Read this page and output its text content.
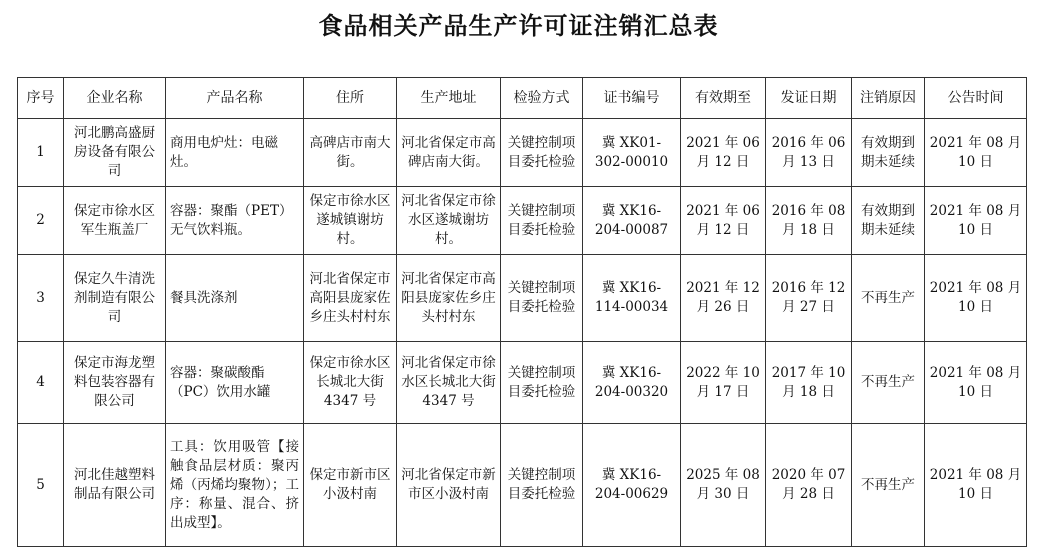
食品相关产品生产许可证注销汇总表
序号	企业名称	产品名称	住所	生产地址	检验方式	证书编号	有效期至	发证日期	注销原因	公告时间
1	河北鹏高盛厨房设备有限公司	商用电炉灶：电磁灶。	高碑店市南大街。	河北省保定市高碑店南大街。	关键控制项目委托检验	冀 XK01-302-00010	2021 年 06 月 12 日	2016 年 06 月 13 日	有效期到期未延续	2021 年 08 月 10 日
2	保定市徐水区军生瓶盖厂	容器：聚酯（PET）无气饮料瓶。	保定市徐水区遂城镇谢坊村。	河北省保定市徐水区遂城谢坊村。	关键控制项目委托检验	冀 XK16-204-00087	2021 年 06 月 12 日	2016 年 08 月 18 日	有效期到期未延续	2021 年 08 月 10 日
3	保定久牛清洗剂制造有限公司	餐具洗涤剂	河北省保定市高阳县庞家佐乡庄头村村东	河北省保定市高阳县庞家佐乡庄头村村东	关键控制项目委托检验	冀 XK16-114-00034	2021 年 12 月 26 日	2016 年 12 月 27 日	不再生产	2021 年 08 月 10 日
4	保定市海龙塑料包装容器有限公司	容器：聚碳酸酯（PC）饮用水罐	保定市徐水区长城北大街 4347 号	河北省保定市徐水区长城北大街 4347 号	关键控制项目委托检验	冀 XK16-204-00320	2022 年 10 月 17 日	2017 年 10 月 18 日	不再生产	2021 年 08 月 10 日
5	河北佳越塑料制品有限公司	工具：饮用吸管【接触食品层材质：聚丙烯（丙烯均聚物）；工序：称量、混合、挤出成型】。	保定市新市区小汲村南	河北省保定市新市区小汲村南	关键控制项目委托检验	冀 XK16-204-00629	2025 年 08 月 30 日	2020 年 07 月 28 日	不再生产	2021 年 08 月 10 日
